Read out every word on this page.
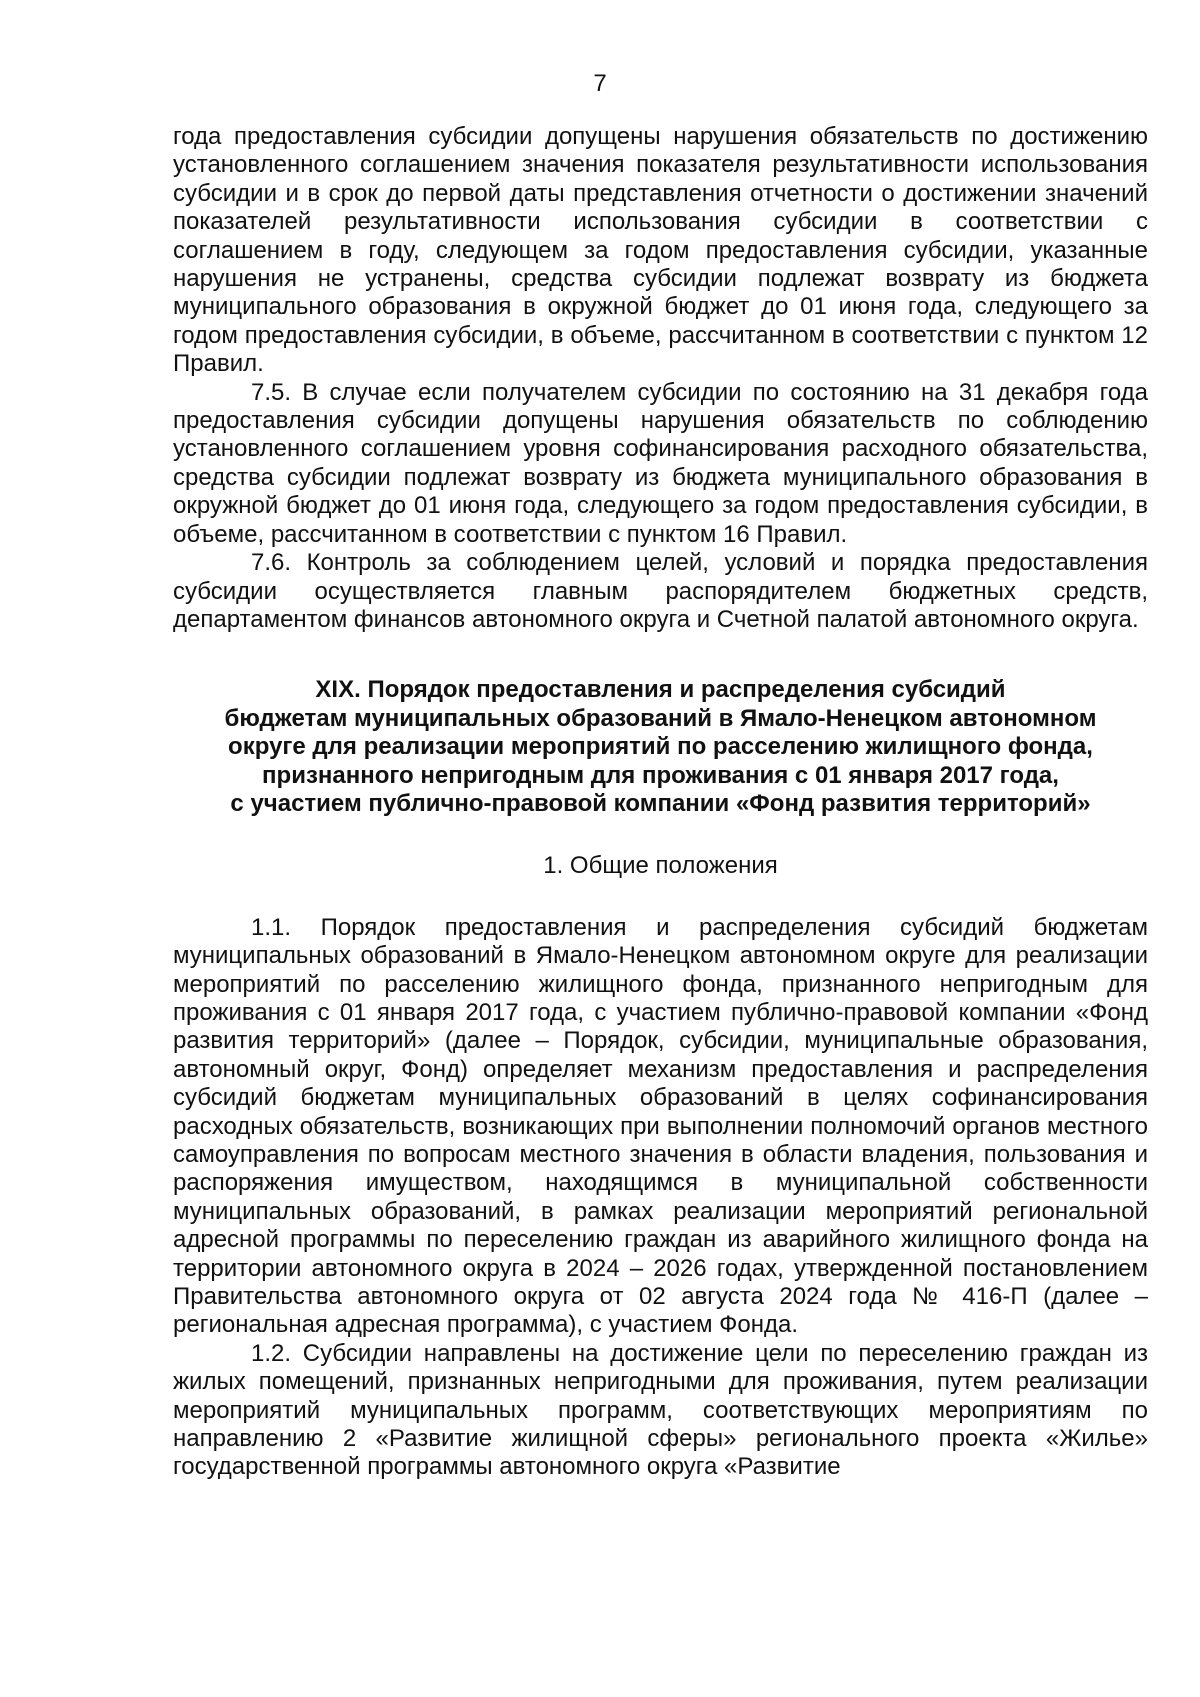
7

года предоставления субсидии допущены нарушения обязательств по достижению установленного соглашением значения показателя результативности использования субсидии и в срок до первой даты представления отчетности о достижении значений показателей результативности использования субсидии в соответствии с соглашением в году, следующем за годом предоставления субсидии, указанные нарушения не устранены, средства субсидии подлежат возврату из бюджета муниципального образования в окружной бюджет до 01 июня года, следующего за годом предоставления субсидии, в объеме, рассчитанном в соответствии с пунктом 12 Правил.

7.5. В случае если получателем субсидии по состоянию на 31 декабря года предоставления субсидии допущены нарушения обязательств по соблюдению установленного соглашением уровня софинансирования расходного обязательства, средства субсидии подлежат возврату из бюджета муниципального образования в окружной бюджет до 01 июня года, следующего за годом предоставления субсидии, в объеме, рассчитанном в соответствии с пунктом 16 Правил.

7.6. Контроль за соблюдением целей, условий и порядка предоставления субсидии осуществляется главным распорядителем бюджетных средств, департаментом финансов автономного округа и Счетной палатой автономного округа.

XIX. Порядок предоставления и распределения субсидий
бюджетам муниципальных образований в Ямало-Ненецком автономном
округе для реализации мероприятий по расселению жилищного фонда,
признанного непригодным для проживания с 01 января 2017 года,
с участием публично-правовой компании «Фонд развития территорий»
1. Общие положения

1.1. Порядок предоставления и распределения субсидий бюджетам муниципальных образований в Ямало-Ненецком автономном округе для реализации мероприятий по расселению жилищного фонда, признанного непригодным для проживания с 01 января 2017 года, с участием публично-правовой компании «Фонд развития территорий» (далее – Порядок, субсидии, муниципальные образования, автономный округ, Фонд) определяет механизм предоставления и распределения субсидий бюджетам муниципальных образований в целях софинансирования расходных обязательств, возникающих при выполнении полномочий органов местного самоуправления по вопросам местного значения в области владения, пользования и распоряжения имуществом, находящимся в муниципальной собственности муниципальных образований, в рамках реализации мероприятий региональной адресной программы по переселению граждан из аварийного жилищного фонда на территории автономного округа в 2024 – 2026 годах, утвержденной постановлением Правительства автономного округа от 02 августа 2024 года № 416-П (далее – региональная адресная программа), с участием Фонда.

1.2. Субсидии направлены на достижение цели по переселению граждан из жилых помещений, признанных непригодными для проживания, путем реализации мероприятий муниципальных программ, соответствующих мероприятиям по направлению 2 «Развитие жилищной сферы» регионального проекта «Жилье» государственной программы автономного округа «Развитие
